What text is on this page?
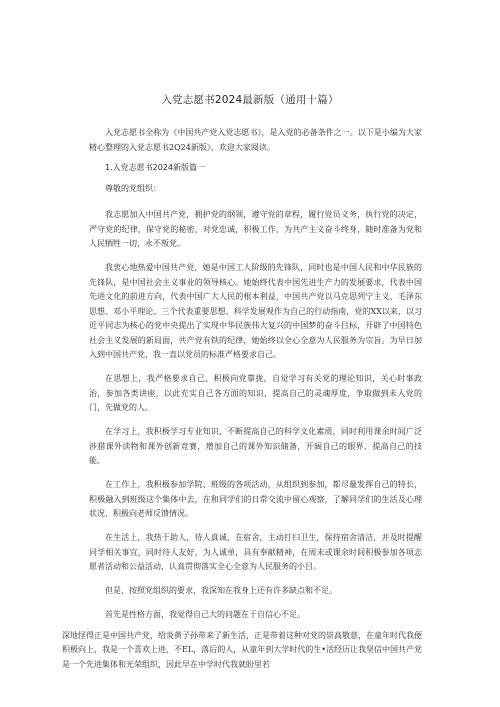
入党志愿书2024最新版（通用十篇）

入党志愿书全称为《中国共产党入党志愿书》，是入党的必备条件之一。以下是小编为大家精心整理的入党志愿书2Q24新版》，欢迎大家阅读。

1.入党志愿书2024新版篇一

尊敬的党组织：

我志愿加入中国共产党，拥护党的纲领，遵守党的章程，履行党员义务，执行党的决定，严守党的纪律，保守党的秘密，对党忠诚，积极工作，为共产主义奋斗终身，随时准备为党和人民牺牲一切，永不叛党。

我衷心地热爱中国共产党，她是中国工人阶级的先锋队，同时也是中国人民和中华民族的先锋队，是中国社会主义事业的领导核心。她始终代表中国先进生产力的发展要求，代表中国先进文化的前进方向，代表中国广大人民的根本利益，中国共产党以马克思列宁主义、毛泽东思想、邓小平理论、三个代表重要思想、科学发展观作为自己的行动指南，党的XX以来，以习近平同志为核心的党中央提出了实现中华民族伟大复兴的中国梦的奋斗目标，开辟了中国特色社会主义发展的新局面，共产党有铁的纪律，她始终以全心全意为人民服务为宗旨。为早日加入到中国共产党，我一直以党员的标准严格要求自己。

在思想上，我严格要求自己，积极向党靠拢，自觉学习有关党的理论知识，关心时事政治，参加各类讲座，以此充实自己各方面的知识，提高自己的灵魂厚度，争取做到未入党的门，先做党的人。

在学习上，我积极学习专业知识，不断提高自己的科学文化素质，同时利用课余时间广泛涉猎课外读物和课外创新竞赛，增加自己的课外知识储备，开阔自己的眼界、提高自己的技能。

在工作上，我积极参加学院、班级的各项活动，从组织到参加，都尽量发挥自己的特长，积极融入到班级这个集体中去，在和同学们的日常交流中留心观察，了解同学们的生活及心理状况，积极向老师反馈情况。

在生活上，我热于助人，待人真诚，在宿舍，主动打扫卫生，保持宿舍清洁，并及时提醒同学相关事宜，同时待人友好，为人诚单，具有奉献精神，在周末或课余时间积极参加各项志愿者活动和公益活动，认真贯彻落实全心全意为人民服务的小目。

但是，按照党组织的要求，我深知在我身上还有许多缺点和不足。

首先是性格方面，我觉得自己大的问题在于自信心不足。

深地怪得正是中国共产党，给炎黄子孙带来了新生活，正是带着这种对党的崇高敬意，在童年时代我便积极向上，我是一个喜欢上进，不EL，落后的人，从童年到大学时代的生•活经历让我坚信中国共产党是一个先进集体和光荣组织，因此早在中学时代我就盼里若
